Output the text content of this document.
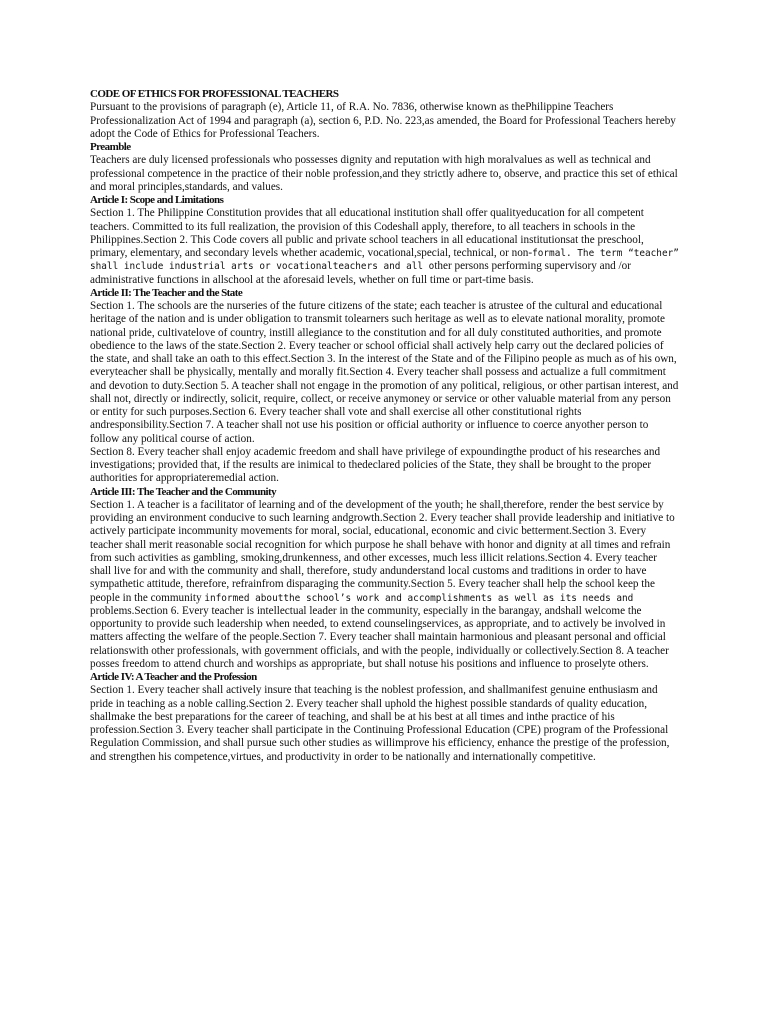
CODE OF ETHICS FOR PROFESSIONAL TEACHERS

Pursuant to the provisions of paragraph (e), Article 11, of R.A. No. 7836, otherwise known as thePhilippine Teachers Professionalization Act of 1994 and paragraph (a), section 6, P.D. No. 223,as amended, the Board for Professional Teachers hereby adopt the Code of Ethics for Professional Teachers.

Preamble

Teachers are duly licensed professionals who possesses dignity and reputation with high moralvalues as well as technical and professional competence in the practice of their noble profession,and they strictly adhere to, observe, and practice this set of ethical and moral principles,standards, and values.

Article I: Scope and Limitations

Section 1. The Philippine Constitution provides that all educational institution shall offer qualityeducation for all competent teachers. Committed to its full realization, the provision of this Codeshall apply, therefore, to all teachers in schools in the Philippines.Section 2. This Code covers all public and private school teachers in all educational institutionsat the preschool, primary, elementary, and secondary levels whether academic, vocational,special, technical, or non-formal. The term “teacher” shall include industrial arts or vocationalteachers and all other persons performing supervisory and /or administrative functions in allschool at the aforesaid levels, whether on full time or part-time basis.

Article II: The Teacher and the State

Section 1. The schools are the nurseries of the future citizens of the state; each teacher is atrustee of the cultural and educational heritage of the nation and is under obligation to transmit tolearners such heritage as well as to elevate national morality, promote national pride, cultivatelove of country, instill allegiance to the constitution and for all duly constituted authorities, and promote obedience to the laws of the state.Section 2. Every teacher or school official shall actively help carry out the declared policies of the state, and shall take an oath to this effect.Section 3. In the interest of the State and of the Filipino people as much as of his own, everyteacher shall be physically, mentally and morally fit.Section 4. Every teacher shall possess and actualize a full commitment and devotion to duty.Section 5. A teacher shall not engage in the promotion of any political, religious, or other partisan interest, and shall not, directly or indirectly, solicit, require, collect, or receive anymoney or service or other valuable material from any person or entity for such purposes.Section 6. Every teacher shall vote and shall exercise all other constitutional rights andresponsibility.Section 7. A teacher shall not use his position or official authority or influence to coerce anyother person to follow any political course of action.

Section 8. Every teacher shall enjoy academic freedom and shall have privilege of expoundingthe product of his researches and investigations; provided that, if the results are inimical to thedeclared policies of the State, they shall be brought to the proper authorities for appropriateremedial action.

Article III: The Teacher and the Community

Section 1. A teacher is a facilitator of learning and of the development of the youth; he shall,therefore, render the best service by providing an environment conducive to such learning andgrowth.Section 2. Every teacher shall provide leadership and initiative to actively participate incommunity movements for moral, social, educational, economic and civic betterment.Section 3. Every teacher shall merit reasonable social recognition for which purpose he shall behave with honor and dignity at all times and refrain from such activities as gambling, smoking,drunkenness, and other excesses, much less illicit relations.Section 4. Every teacher shall live for and with the community and shall, therefore, study andunderstand local customs and traditions in order to have sympathetic attitude, therefore, refrainfrom disparaging the community.Section 5. Every teacher shall help the school keep the people in the community informed aboutthe school’s work and accomplishments as well as its needs and problems.Section 6. Every teacher is intellectual leader in the community, especially in the barangay, andshall welcome the opportunity to provide such leadership when needed, to extend counselingservices, as appropriate, and to actively be involved in matters affecting the welfare of the people.Section 7. Every teacher shall maintain harmonious and pleasant personal and official relationswith other professionals, with government officials, and with the people, individually or collectively.Section 8. A teacher posses freedom to attend church and worships as appropriate, but shall notuse his positions and influence to proselyte others.

Article IV: A Teacher and the Profession

Section 1. Every teacher shall actively insure that teaching is the noblest profession, and shallmanifest genuine enthusiasm and pride in teaching as a noble calling.Section 2. Every teacher shall uphold the highest possible standards of quality education, shallmake the best preparations for the career of teaching, and shall be at his best at all times and inthe practice of his profession.Section 3. Every teacher shall participate in the Continuing Professional Education (CPE) program of the Professional Regulation Commission, and shall pursue such other studies as willimprove his efficiency, enhance the prestige of the profession, and strengthen his competence,virtues, and productivity in order to be nationally and internationally competitive.
